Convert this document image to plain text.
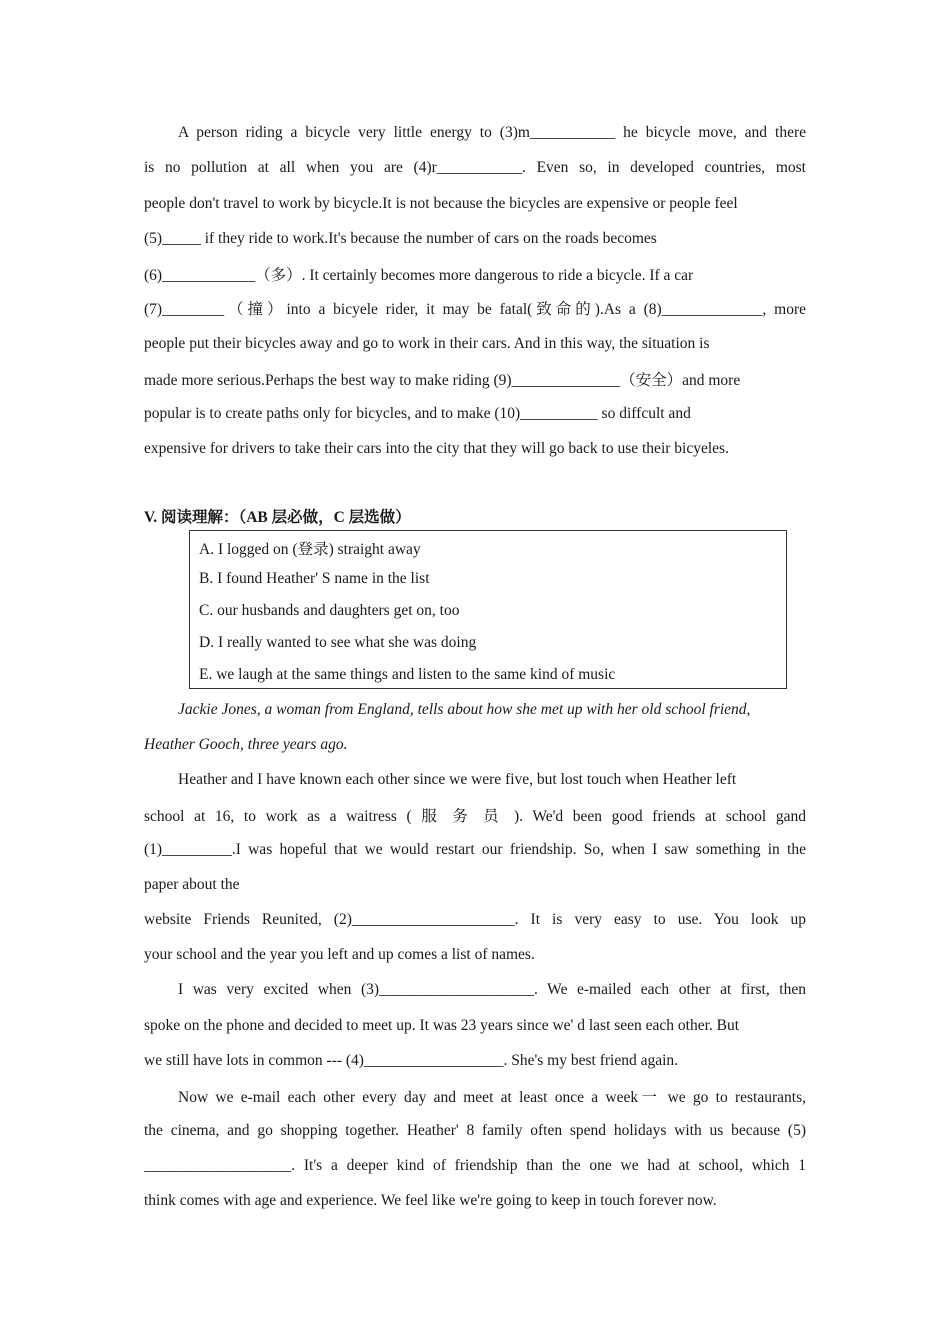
A person riding a bicycle very little energy to (3)m___________ he bicycle move, and there
is no pollution at all when you are (4)r___________. Even so, in developed countries, most
people don't travel to work by bicycle.It is not because the bicycles are expensive or people feel
(5)_____ if they ride to work.It's because the number of cars on the roads becomes
(6)____________（多）. It certainly becomes more dangerous to ride a bicycle. If a car
(7)________（撞）into a bicyele rider, it may be fatal(致命的).As a (8)_____________, more
people put their bicycles away and go to work in their cars. And in this way, the situation is
made more serious.Perhaps the best way to make riding (9)______________（安全）and more
popular is to create paths only for bicycles, and to make (10)__________ so diffcult and
expensive for drivers to take their cars into the city that they will go back to use their bicyeles.
V. 阅读理解：（AB 层必做，C 层选做）
A. I logged on (登录) straight away
B. I found Heather' S name in the list
C. our husbands and daughters get on, too
D. I really wanted to see what she was doing
E. we laugh at the same things and listen to the same kind of music
Jackie Jones, a woman from England, tells about how she met up with her old school friend,
Heather Gooch, three years ago.
Heather and I have known each other since we were five, but lost touch when Heather left
school at 16, to work as a waitress ( 服 务 员 ). We'd been good friends at school gand
(1)_________.I was hopeful that we would restart our friendship. So, when I saw something in the
paper about the
website Friends Reunited, (2)_____________________. It is very easy to use. You look up
your school and the year you left and up comes a list of names.
I was very excited when (3)____________________. We e-mailed each other at first, then
spoke on the phone and decided to meet up. It was 23 years since we' d last seen each other. But
we still have lots in common --- (4)__________________. She's my best friend again.
Now we e-mail each other every day and meet at least once a week一 we go to restaurants,
the cinema, and go shopping together. Heather' 8 family often spend holidays with us because (5)
___________________. It's a deeper kind of friendship than the one we had at school, which 1
think comes with age and experience. We feel like we're going to keep in touch forever now.
